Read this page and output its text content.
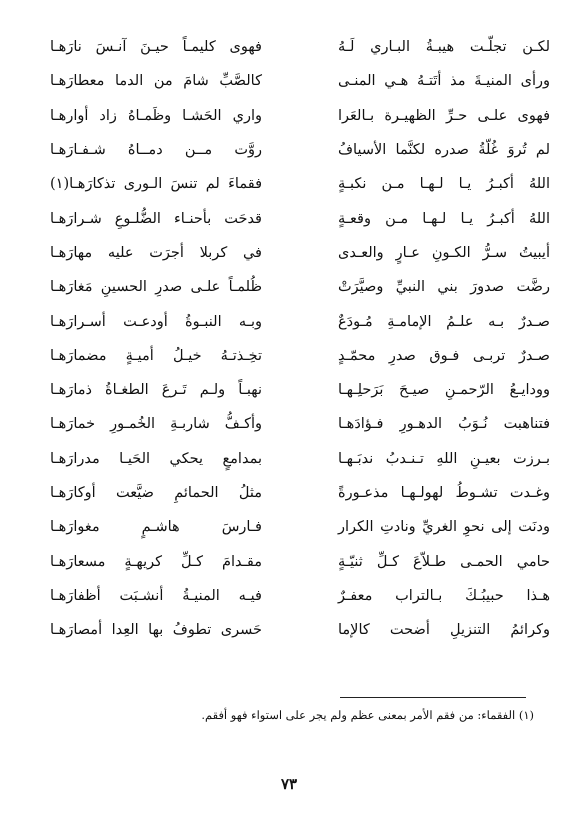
لكـن تجلّـت هيبـةُ البـاري لَـهُ
فهوى كليمـاً حيـنَ آنـسَ نارَهـا
ورأى المنيـةَ مذ أتَتـهُ هـي المنـى
كالصَّبِّ شامَ من الدما معطارَهـا
فهوى علـى حـرِّ الظهيـرة بـالعَرا
واري الحَشـا وظَمـاهُ زاد أوارهـا
لم تُروَ غُلّةُ صدره لكنَّما الأسيافُ
روَّت مــن دمــاهُ شـفـارَهـا
اللهُ أكبـرُ يـا لـهـا مـن نكبـةٍ
فقماءَ لم تنسَ الـورى تذكارَهـا(١)
اللهُ أكبـرُ يـا لـهـا مـن وقعـةٍ
قدحَت بأحنـاء الضُّلـوعِ شـرارَهـا
أيبيتُ سـرُّ الكـونِ عـارٍ والعـدى
في كربلا أجرَت عليه مهارَهـا
رضَّت صدورَ بني النبيِّ وصيَّرَتْ
ظُلمـاً علـى صدرِ الحسينِ مَغارَهـا
صـدرٌ بـه علـمُ الإمامـةِ مُـودَعٌ
وبـه النبـوةُ أودعـت أسـرارَهـا
صـدرٌ تربـى فـوق صدرِ محمّـدٍ
تخِـذتـهُ خيـلُ أميـةٍ مضمارَهـا
وودايـعُ الرّحمـنِ صيـحَ بَرَحلِـهـا
نهبـاً ولـم تَـرعَ الطغـاةُ ذمارَهـا
فتناهبت نُـوَبُ الدهـورِ فـؤادَهـا
وأكـفُّ شاربـةِ الخُمـورِ خمارَهـا
بـرزت بعيـنِ اللهِ تـنـدبُ ندبَـهـا
بمدامعٍ يحكي الحَيـا مدرارَهـا
وغـدت تشـوطُ لهولـهـا مذعـورةً
مثلُ الحمائمِ ضيَّعت أوكارَهـا
ودنَت إلى نحوِ الغريِّ ونادتِ الكرار
فـارسَ هاشـمٍ مغوارَهـا
حامي الحمـى طـلاّعَ كـلِّ ثنيّـةٍ
مقـدامَ كـلِّ كريهـةٍ مسعارَهـا
هـذا حبيبُـكَ بـالتراب معفـرٌ
فيـه المنيـةُ أنشـبَت أظفارَهـا
وكرائمُ التنزيلِ أضحت كالإما
حَسرى تطوفُ بها العِدا أمصارَهـا
(١) الفقماء: من فقم الأمر بمعنى عظم ولم يجر على استواء فهو أفقم.
٧٣
